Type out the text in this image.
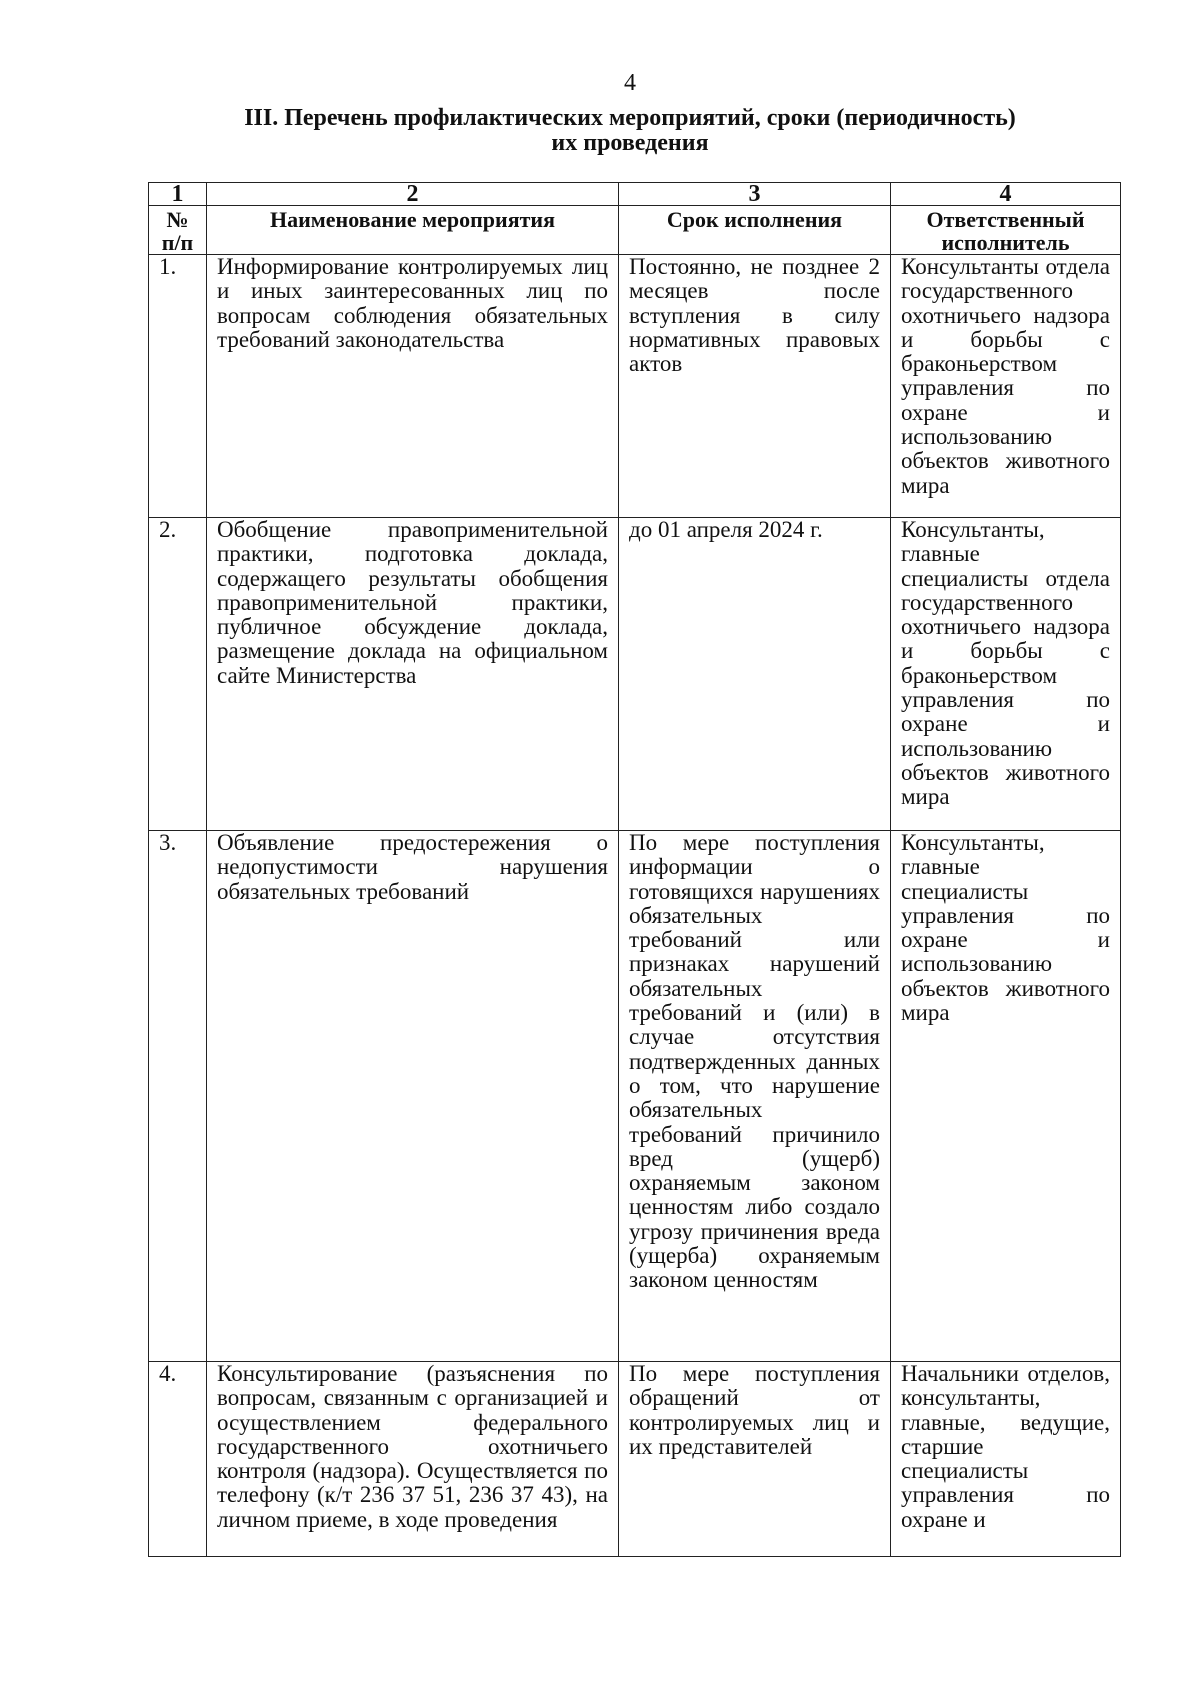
4
III. Перечень профилактических мероприятий, сроки (периодичность)
их проведения
1	2	3	4
№ п/п	Наименование мероприятия	Срок исполнения	Ответственный исполнитель
1.	Информирование контролируемых лиц и иных заинтересованных лиц по вопросам соблюдения обязательных требований законодательства	Постоянно, не позднее 2 месяцев после вступления в силу нормативных правовых актов	Консультанты отдела государственного охотничьего надзора и борьбы с браконьерством управления по охране и использованию объектов животного мира
2.	Обобщение правоприменительной практики, подготовка доклада, содержащего результаты обобщения правоприменительной практики, публичное обсуждение доклада, размещение доклада на официальном сайте Министерства	до 01 апреля 2024 г.	Консультанты, главные специалисты отдела государственного охотничьего надзора и борьбы с браконьерством управления по охране и использованию объектов животного мира
3.	Объявление предостережения о недопустимости нарушения обязательных требований	По мере поступления информации о готовящихся нарушениях обязательных требований или признаках нарушений обязательных требований и (или) в случае отсутствия подтвержденных данных о том, что нарушение обязательных требований причинило вред (ущерб) охраняемым законом ценностям либо создало угрозу причинения вреда (ущерба) охраняемым законом ценностям	Консультанты, главные специалисты управления по охране и использованию объектов животного мира
4.	Консультирование (разъяснения по вопросам, связанным с организацией и осуществлением федерального государственного охотничьего контроля (надзора). Осуществляется по телефону (к/т 236 37 51, 236 37 43), на личном приеме, в ходе проведения	По мере поступления обращений от контролируемых лиц и их представителей	Начальники отделов, консультанты, главные, ведущие, старшие специалисты управления по охране и
